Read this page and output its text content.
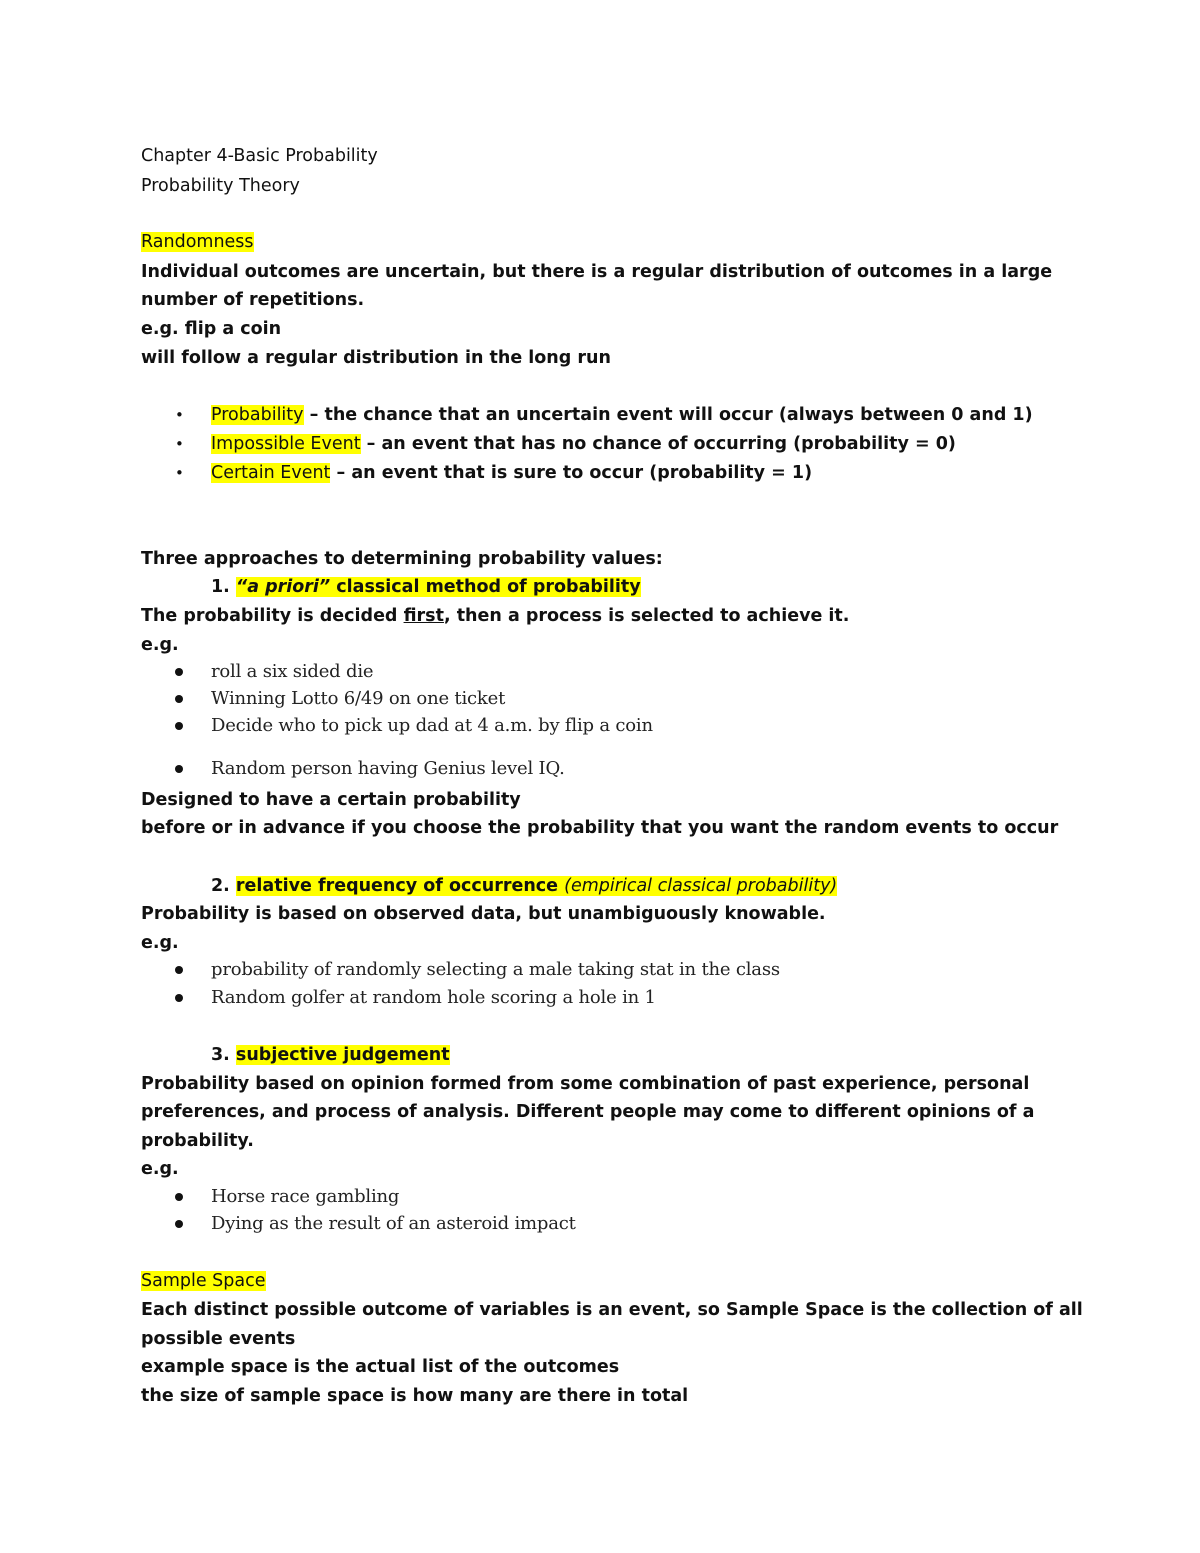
Chapter 4-Basic Probability
Probability Theory
Randomness
Individual outcomes are uncertain, but there is a regular distribution of outcomes in a large
number of repetitions.
e.g. flip a coin
will follow a regular distribution in the long run
• Probability – the chance that an uncertain event will occur (always between 0 and 1)
• Impossible Event – an event that has no chance of occurring (probability = 0)
• Certain Event – an event that is sure to occur (probability = 1)
Three approaches to determining probability values:
1. “a priori” classical method of probability
The probability is decided first, then a process is selected to achieve it.
e.g.
roll a six sided die
Winning Lotto 6/49 on one ticket
Decide who to pick up dad at 4 a.m. by flip a coin
Random person having Genius level IQ.
Designed to have a certain probability
before or in advance if you choose the probability that you want the random events to occur
2. relative frequency of occurrence (empirical classical probability)
Probability is based on observed data, but unambiguously knowable.
e.g.
probability of randomly selecting a male taking stat in the class
Random golfer at random hole scoring a hole in 1
3. subjective judgement
Probability based on opinion formed from some combination of past experience, personal
preferences, and process of analysis. Different people may come to different opinions of a
probability.
e.g.
Horse race gambling
Dying as the result of an asteroid impact
Sample Space
Each distinct possible outcome of variables is an event, so Sample Space is the collection of all
possible events
example space is the actual list of the outcomes
the size of sample space is how many are there in total
